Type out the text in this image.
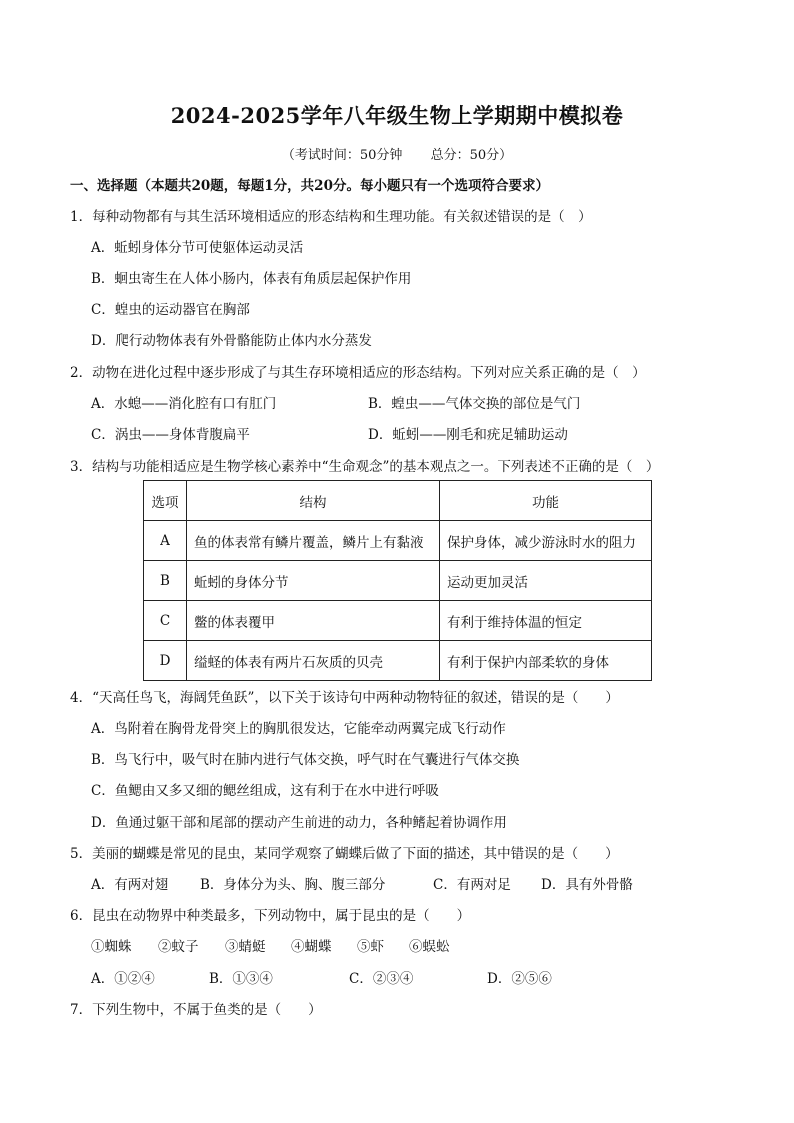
2024-2025学年八年级生物上学期期中模拟卷
（考试时间：50分钟 总分：50分）
一、选择题（本题共20题，每题1分，共20分。每小题只有一个选项符合要求）
1．每种动物都有与其生活环境相适应的形态结构和生理功能。有关叙述错误的是（　）
A．蚯蚓身体分节可使躯体运动灵活
B．蛔虫寄生在人体小肠内，体表有角质层起保护作用
C．蝗虫的运动器官在胸部
D．爬行动物体表有外骨骼能防止体内水分蒸发
2．动物在进化过程中逐步形成了与其生存环境相适应的形态结构。下列对应关系正确的是（　）
A．水螅——消化腔有口有肛门	B．蝗虫——气体交换的部位是气门
C．涡虫——身体背腹扁平	D．蚯蚓——刚毛和疣足辅助运动
3．结构与功能相适应是生物学核心素养中“生命观念”的基本观点之一。下列表述不正确的是（　）
选项	结构	功能
A	鱼的体表常有鳞片覆盖，鳞片上有黏液	保护身体，减少游泳时水的阻力
B	蚯蚓的身体分节	运动更加灵活
C	鳖的体表覆甲	有利于维持体温的恒定
D	缢蛏的体表有两片石灰质的贝壳	有利于保护内部柔软的身体
4．“天高任鸟飞，海阔凭鱼跃”，以下关于该诗句中两种动物特征的叙述，错误的是（　　）
A．鸟附着在胸骨龙骨突上的胸肌很发达，它能牵动两翼完成飞行动作
B．鸟飞行中，吸气时在肺内进行气体交换，呼气时在气囊进行气体交换
C．鱼鳃由又多又细的鳃丝组成，这有利于在水中进行呼吸
D．鱼通过躯干部和尾部的摆动产生前进的动力，各种鳍起着协调作用
5．美丽的蝴蝶是常见的昆虫，某同学观察了蝴蝶后做了下面的描述，其中错误的是（　　）
A．有两对翅 B．身体分为头、胸、腹三部分	C．有两对足 D．具有外骨骼
6．昆虫在动物界中种类最多，下列动物中，属于昆虫的是（　　）
①蜘蛛 ②蚊子 ③蜻蜓 ④蝴蝶 ⑤虾 ⑥蜈蚣
A．①②④	B．①③④	C．②③④	D．②⑤⑥
7．下列生物中，不属于鱼类的是（　　）
